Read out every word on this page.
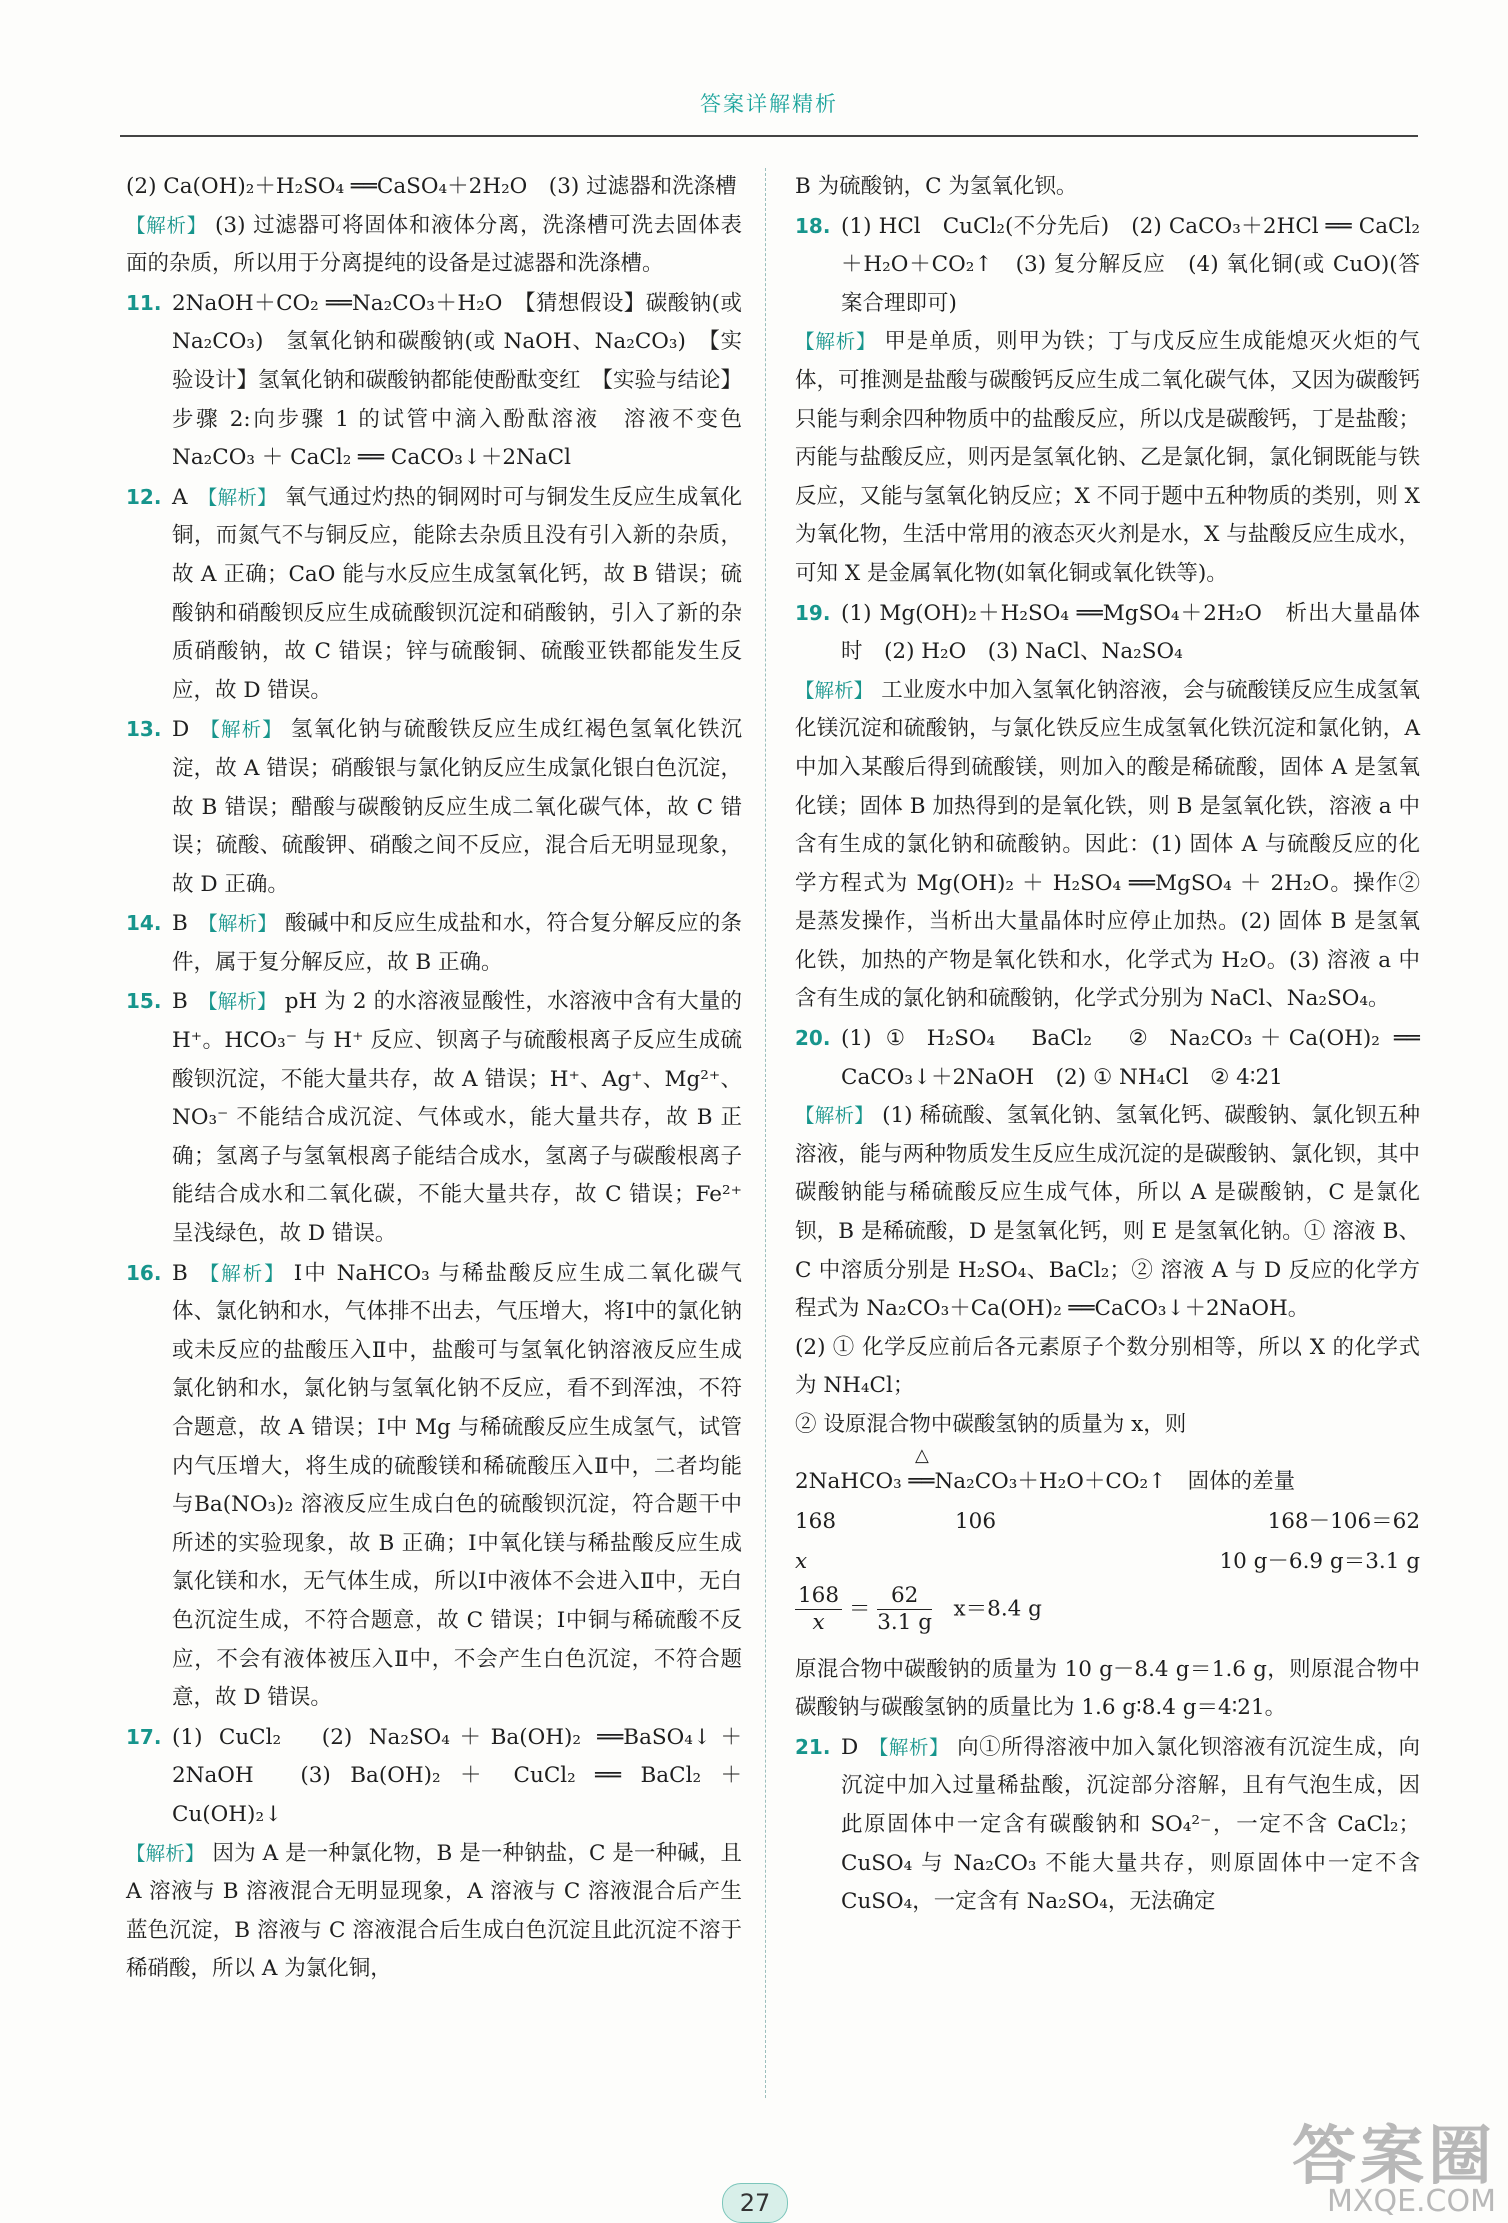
答案详解精析

(2) Ca(OH)₂＋H₂SO₄ ══CaSO₄＋2H₂O　(3) 过滤器和洗涤槽

【解析】 (3) 过滤器可将固体和液体分离，洗涤槽可洗去固体表面的杂质，所以用于分离提纯的设备是过滤器和洗涤槽。

11. 2NaOH＋CO₂ ══Na₂CO₃＋H₂O　【猜想假设】碳酸钠(或 Na₂CO₃)　氢氧化钠和碳酸钠(或 NaOH、Na₂CO₃)　【实验设计】氢氧化钠和碳酸钠都能使酚酞变红　【实验与结论】步骤 2:向步骤 1 的试管中滴入酚酞溶液　溶液不变色　Na₂CO₃ ＋ CaCl₂ ══ CaCO₃↓＋2NaCl

12. A 【解析】 氧气通过灼热的铜网时可与铜发生反应生成氧化铜，而氮气不与铜反应，能除去杂质且没有引入新的杂质，故 A 正确；CaO 能与水反应生成氢氧化钙，故 B 错误；硫酸钠和硝酸钡反应生成硫酸钡沉淀和硝酸钠，引入了新的杂质硝酸钠，故 C 错误；锌与硫酸铜、硫酸亚铁都能发生反应，故 D 错误。

13. D 【解析】 氢氧化钠与硫酸铁反应生成红褐色氢氧化铁沉淀，故 A 错误；硝酸银与氯化钠反应生成氯化银白色沉淀，故 B 错误；醋酸与碳酸钠反应生成二氧化碳气体，故 C 错误；硫酸、硫酸钾、硝酸之间不反应，混合后无明显现象，故 D 正确。

14. B 【解析】 酸碱中和反应生成盐和水，符合复分解反应的条件，属于复分解反应，故 B 正确。

15. B 【解析】 pH 为 2 的水溶液显酸性，水溶液中含有大量的 H⁺。HCO₃⁻ 与 H⁺ 反应、钡离子与硫酸根离子反应生成硫酸钡沉淀，不能大量共存，故 A 错误；H⁺、Ag⁺、Mg²⁺、NO₃⁻ 不能结合成沉淀、气体或水，能大量共存，故 B 正确；氢离子与氢氧根离子能结合成水，氢离子与碳酸根离子能结合成水和二氧化碳，不能大量共存，故 C 错误；Fe²⁺ 呈浅绿色，故 D 错误。

16. B 【解析】 Ⅰ中 NaHCO₃ 与稀盐酸反应生成二氧化碳气体、氯化钠和水，气体排不出去，气压增大，将Ⅰ中的氯化钠或未反应的盐酸压入Ⅱ中，盐酸可与氢氧化钠溶液反应生成氯化钠和水，氯化钠与氢氧化钠不反应，看不到浑浊，不符合题意，故 A 错误；Ⅰ中 Mg 与稀硫酸反应生成氢气，试管内气压增大，将生成的硫酸镁和稀硫酸压入Ⅱ中，二者均能与Ba(NO₃)₂ 溶液反应生成白色的硫酸钡沉淀，符合题干中所述的实验现象，故 B 正确；Ⅰ中氧化镁与稀盐酸反应生成氯化镁和水，无气体生成，所以Ⅰ中液体不会进入Ⅱ中，无白色沉淀生成，不符合题意，故 C 错误；Ⅰ中铜与稀硫酸不反应，不会有液体被压入Ⅱ中，不会产生白色沉淀，不符合题意，故 D 错误。

17. (1) CuCl₂　(2) Na₂SO₄＋Ba(OH)₂ ══BaSO₄↓＋2NaOH　(3) Ba(OH)₂ ＋ CuCl₂ ══ BaCl₂ ＋ Cu(OH)₂↓

【解析】 因为 A 是一种氯化物，B 是一种钠盐，C 是一种碱，且 A 溶液与 B 溶液混合无明显现象，A 溶液与 C 溶液混合后产生蓝色沉淀，B 溶液与 C 溶液混合后生成白色沉淀且此沉淀不溶于稀硝酸，所以 A 为氯化铜，

B 为硫酸钠，C 为氢氧化钡。

18. (1) HCl　CuCl₂(不分先后)　(2) CaCO₃＋2HCl ══ CaCl₂＋H₂O＋CO₂↑　(3) 复分解反应　(4) 氧化铜(或 CuO)(答案合理即可)

【解析】 甲是单质，则甲为铁；丁与戊反应生成能熄灭火炬的气体，可推测是盐酸与碳酸钙反应生成二氧化碳气体，又因为碳酸钙只能与剩余四种物质中的盐酸反应，所以戊是碳酸钙，丁是盐酸；丙能与盐酸反应，则丙是氢氧化钠、乙是氯化铜，氯化铜既能与铁反应，又能与氢氧化钠反应；X 不同于题中五种物质的类别，则 X 为氧化物，生活中常用的液态灭火剂是水，X 与盐酸反应生成水，可知 X 是金属氧化物(如氧化铜或氧化铁等)。

19. (1) Mg(OH)₂＋H₂SO₄ ══MgSO₄＋2H₂O　析出大量晶体时　(2) H₂O　(3) NaCl、Na₂SO₄

【解析】 工业废水中加入氢氧化钠溶液，会与硫酸镁反应生成氢氧化镁沉淀和硫酸钠，与氯化铁反应生成氢氧化铁沉淀和氯化钠，A 中加入某酸后得到硫酸镁，则加入的酸是稀硫酸，固体 A 是氢氧化镁；固体 B 加热得到的是氧化铁，则 B 是氢氧化铁，溶液 a 中含有生成的氯化钠和硫酸钠。因此：(1) 固体 A 与硫酸反应的化学方程式为 Mg(OH)₂ ＋ H₂SO₄ ══MgSO₄ ＋ 2H₂O。操作②是蒸发操作，当析出大量晶体时应停止加热。(2) 固体 B 是氢氧化铁，加热的产物是氧化铁和水，化学式为 H₂O。(3) 溶液 a 中含有生成的氯化钠和硫酸钠，化学式分别为 NaCl、Na₂SO₄。

20. (1) ① H₂SO₄　BaCl₂　② Na₂CO₃＋Ca(OH)₂ ══ CaCO₃↓＋2NaOH　(2) ① NH₄Cl　② 4∶21

【解析】 (1) 稀硫酸、氢氧化钠、氢氧化钙、碳酸钠、氯化钡五种溶液，能与两种物质发生反应生成沉淀的是碳酸钠、氯化钡，其中碳酸钠能与稀硫酸反应生成气体，所以 A 是碳酸钠，C 是氯化钡，B 是稀硫酸，D 是氢氧化钙，则 E 是氢氧化钠。① 溶液 B、C 中溶质分别是 H₂SO₄、BaCl₂；② 溶液 A 与 D 反应的化学方程式为 Na₂CO₃＋Ca(OH)₂ ══CaCO₃↓＋2NaOH。

(2) ① 化学反应前后各元素原子个数分别相等，所以 X 的化学式为 NH₄Cl；

② 设原混合物中碳酸氢钠的质量为 x，则

△
2NaHCO₃ ══Na₂CO₃＋H₂O＋CO₂↑　固体的差量
168	106	168－106＝62
x	10 g－6.9 g＝3.1 g
$\frac{168}{x} = \frac{62}{3.1 g}$
　 x＝8.4 g

原混合物中碳酸钠的质量为 10 g－8.4 g＝1.6 g，则原混合物中碳酸钠与碳酸氢钠的质量比为 1.6 g∶8.4 g＝4∶21。

21. D 【解析】 向①所得溶液中加入氯化钡溶液有沉淀生成，向沉淀中加入过量稀盐酸，沉淀部分溶解，且有气泡生成，因此原固体中一定含有碳酸钠和 SO₄²⁻，一定不含 CaCl₂；CuSO₄ 与 Na₂CO₃ 不能大量共存，则原固体中一定不含 CuSO₄，一定含有 Na₂SO₄，无法确定

27
答案圈
MXQE.COM
